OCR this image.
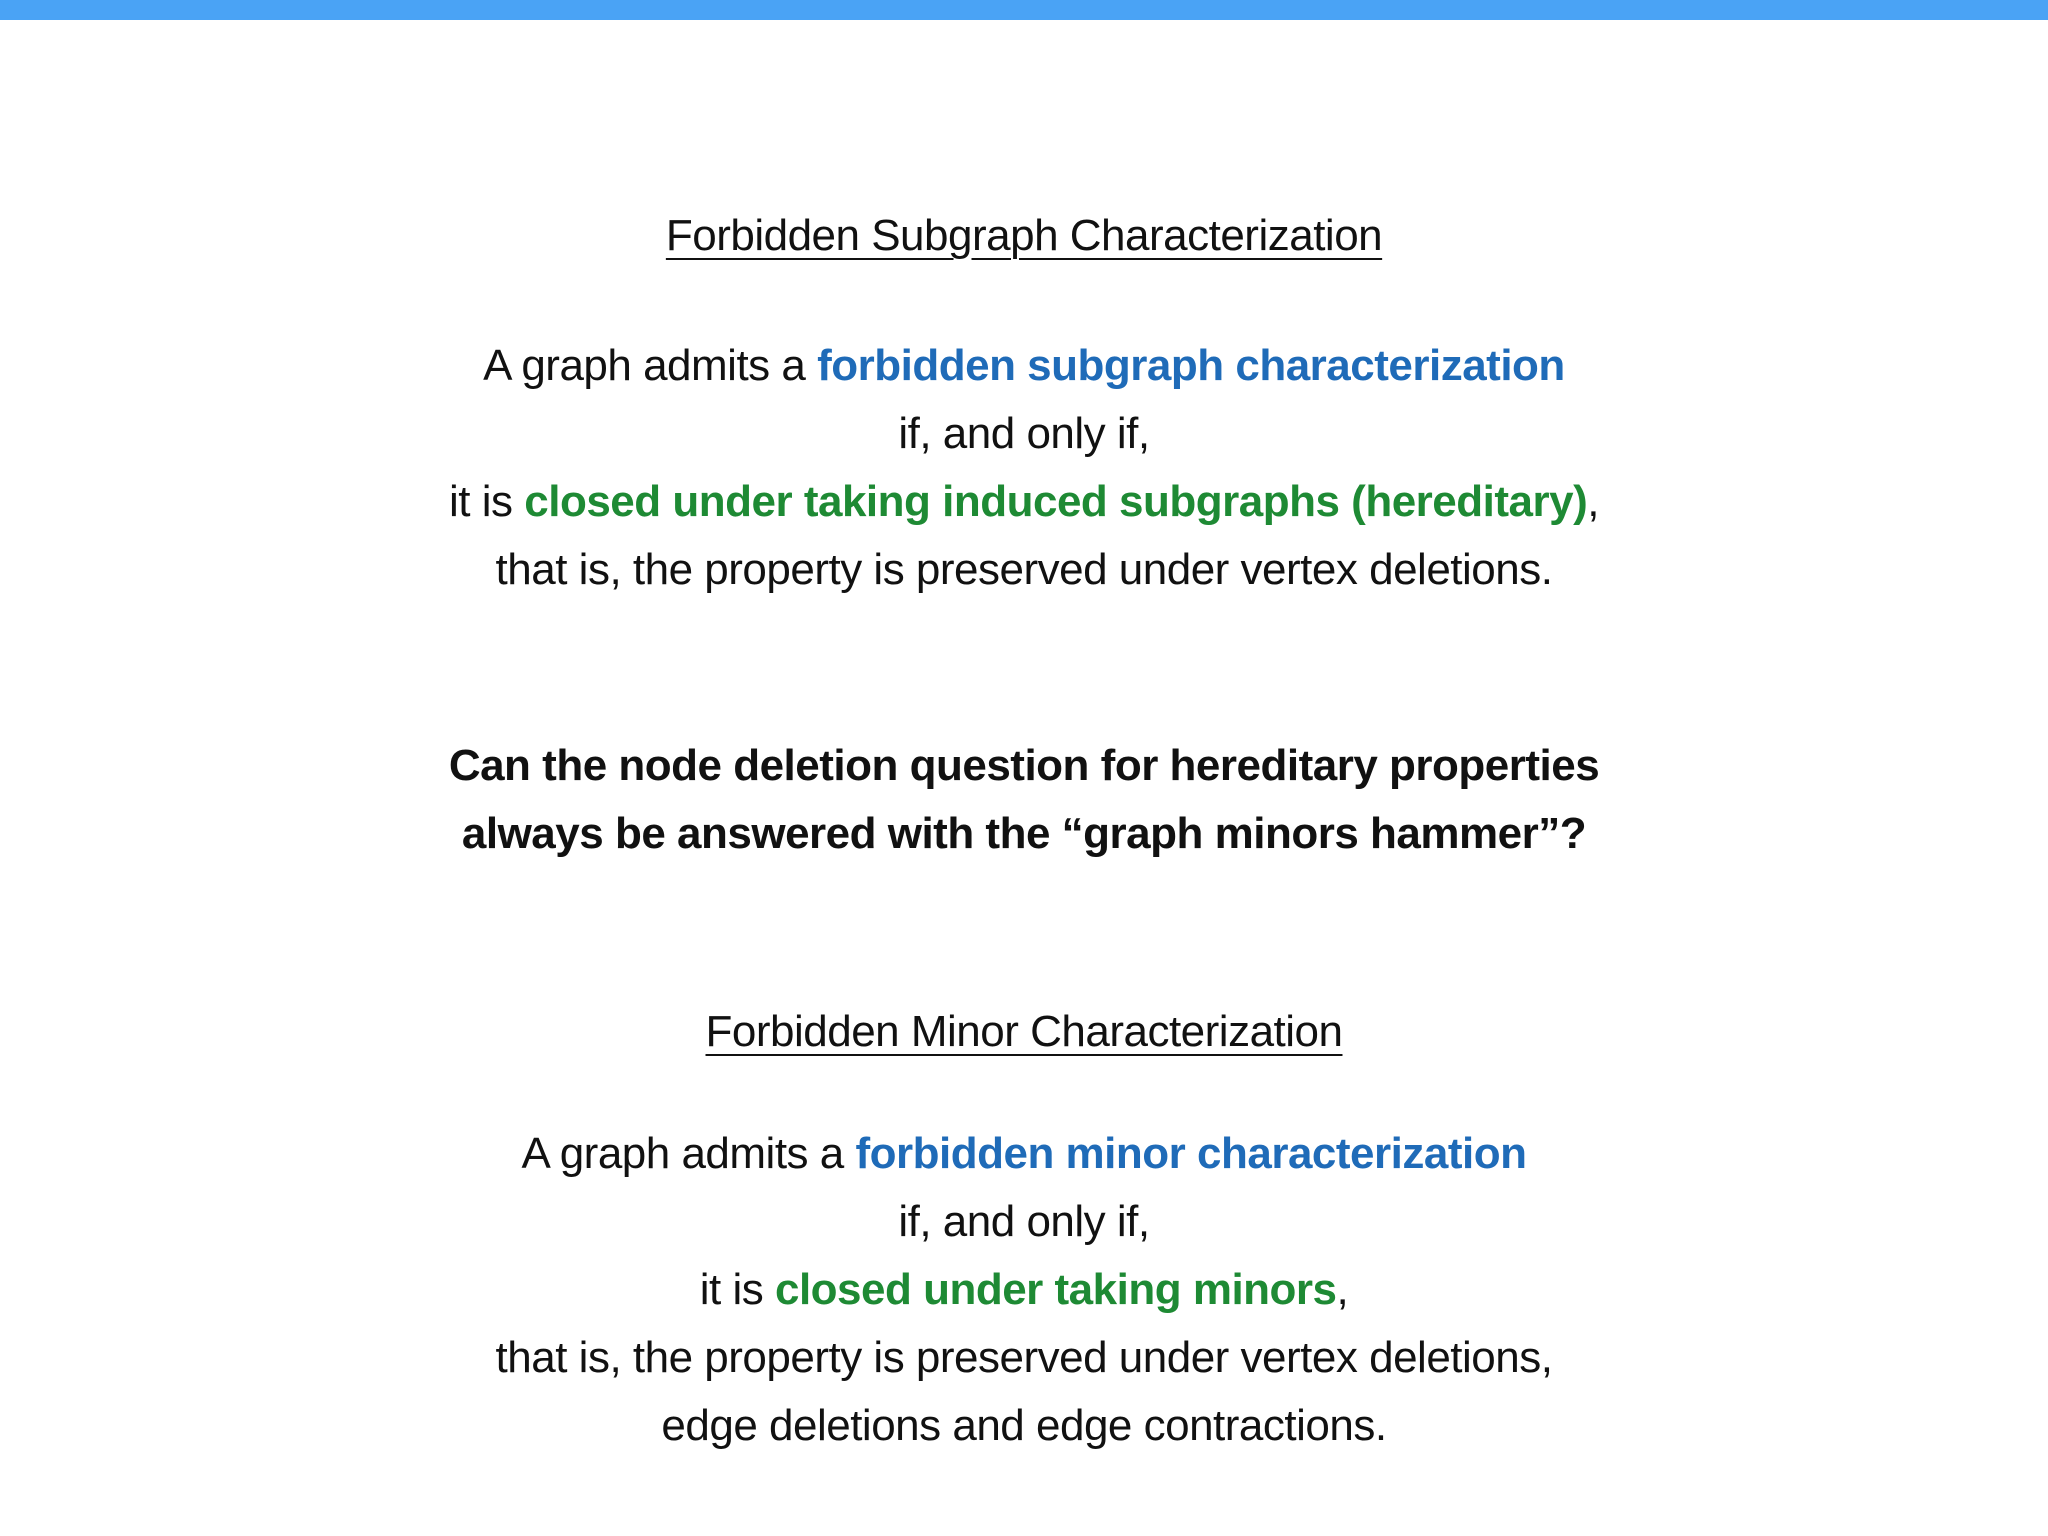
Forbidden Subgraph Characterization
A graph admits a forbidden subgraph characterization
if, and only if,
it is closed under taking induced subgraphs (hereditary),
that is, the property is preserved under vertex deletions.
Can the node deletion question for hereditary properties
always be answered with the “graph minors hammer”?
Forbidden Minor Characterization
A graph admits a forbidden minor characterization
if, and only if,
it is closed under taking minors,
that is, the property is preserved under vertex deletions,
edge deletions and edge contractions.
